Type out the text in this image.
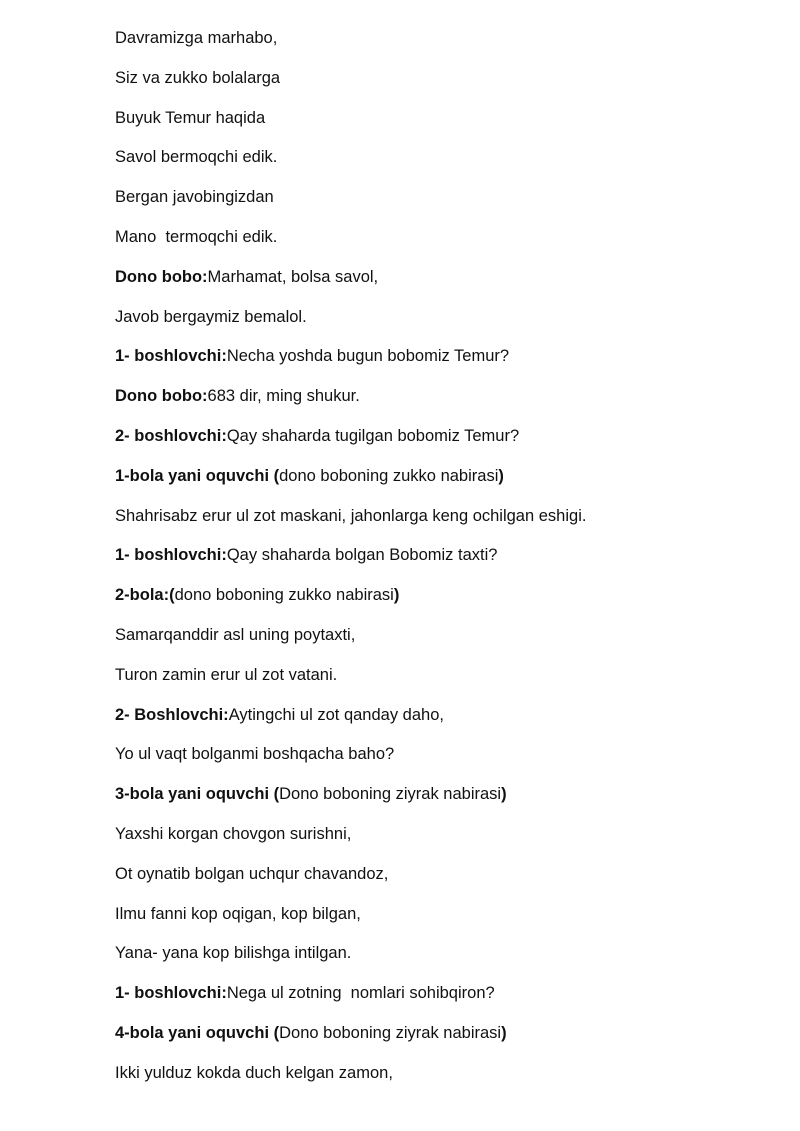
Davramizga marhabo,
Siz va zukko bolalarga
Buyuk Temur haqida
Savol bermoqchi edik.
Bergan javobingizdan
Mano  termoqchi edik.
Dono bobo:Marhamat, bolsa savol,
Javob bergaymiz bemalol.
1- boshlovchi:Necha yoshda bugun bobomiz Temur?
Dono bobo:683 dir, ming shukur.
2- boshlovchi:Qay shaharda tugilgan bobomiz Temur?
1-bola yani oquvchi (dono boboning zukko nabirasi)
Shahrisabz erur ul zot maskani, jahonlarga keng ochilgan eshigi.
1- boshlovchi:Qay shaharda bolgan Bobomiz taxti?
2-bola:(dono boboning zukko nabirasi)
Samarqanddir asl uning poytaxti,
Turon zamin erur ul zot vatani.
2- Boshlovchi:Aytingchi ul zot qanday daho,
Yo ul vaqt bolganmi boshqacha baho?
3-bola yani oquvchi (Dono boboning ziyrak nabirasi)
Yaxshi korgan chovgon surishni,
Ot oynatib bolgan uchqur chavandoz,
Ilmu fanni kop oqigan, kop bilgan,
Yana- yana kop bilishga intilgan.
1- boshlovchi:Nega ul zotning  nomlari sohibqiron?
4-bola yani oquvchi (Dono boboning ziyrak nabirasi)
Ikki yulduz kokda duch kelgan zamon,
